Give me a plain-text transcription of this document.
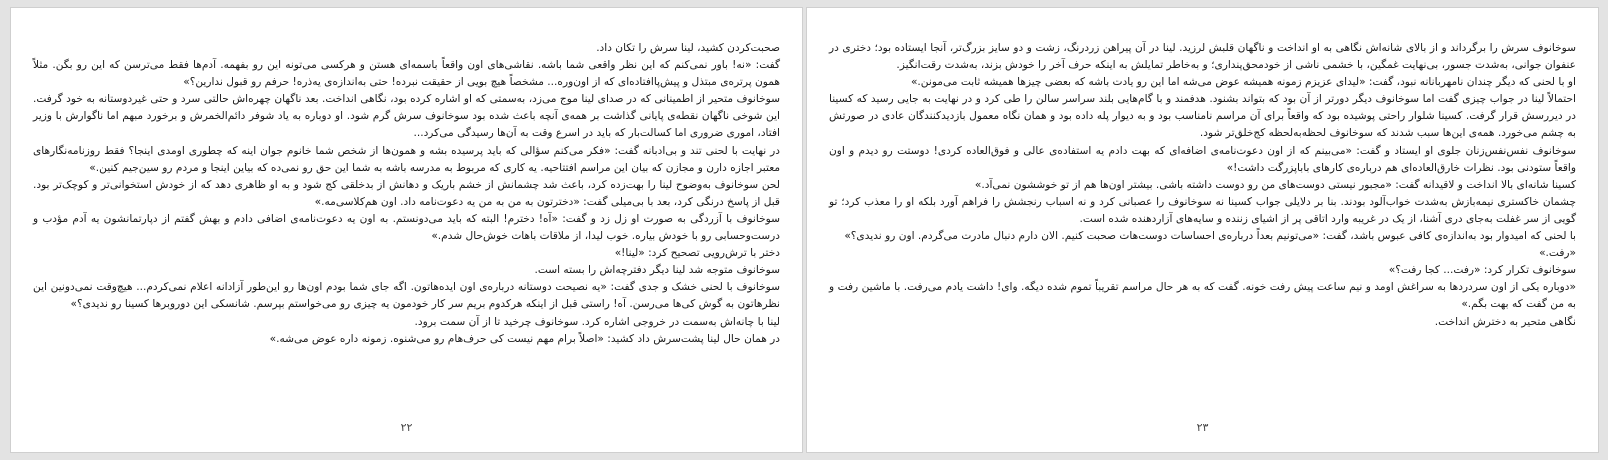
صحبت‌کردن کشید، لینا سرش را تکان داد.

گفت: «نه! باور نمی‌کنم که این نظر واقعی شما باشه. نقاشی‌های اون واقعاً باسمه‌ای هستن و هرکسی می‌تونه این رو بفهمه. آدم‌ها فقط می‌ترسن که این رو بگن. مثلاً همون پرتره‌ی مبتذل و پیش‌پاافتاده‌ای که از اون‌وره... مشخصاً هیچ بویی از حقیقت نبرده! حتی به‌اندازه‌ی یه‌ذره! حرفم رو قبول ندارین؟»

سوخانوف متحیر از اطمینانی که در صدای لینا موج می‌زد، به‌سمتی که او اشاره کرده بود، نگاهی انداخت. بعد ناگهان چهره‌اش حالتی سرد و حتی غیردوستانه به خود گرفت. این شوخی ناگهان نقطه‌ی پایانی گذاشت بر همه‌ی آنچه باعث شده بود سوخانوف سرش گرم شود. او دوباره به یاد شوفر دائم‌الخمرش و برخورد مبهم اما ناگوارش با وزیر افتاد، اموری ضروری اما کسالت‌بار که باید در اسرع وقت به آن‌ها رسیدگی می‌کرد...

در نهایت با لحنی تند و بی‌ادبانه گفت: «فکر می‌کنم سؤالی که باید پرسیده بشه و همون‌ها از شخص شما خانوم جوان اینه که چطوری اومدی اینجا؟ فقط روزنامه‌نگارهای معتبر اجازه دارن و مجازن که بیان این مراسم افتتاحیه. یه کاری که مربوط به مدرسه باشه به شما این حق رو نمی‌ده که بیاین اینجا و مردم رو سین‌جیم کنین.»

لحن سوخانوف به‌وضوح لینا را بهت‌زده کرد، باعث شد چشمانش از خشم باریک و دهانش از بدخلقی کج شود و به او ظاهری دهد که از خودش استخوانی‌تر و کوچک‌تر بود. قبل از پاسخ درنگی کرد، بعد با بی‌میلی گفت: «دخترتون به من به من یه دعوت‌نامه داد. اون هم‌کلاسی‌مه.»

سوخانوف با آزردگی به صورت او زل زد و گفت: «آه! دخترم! البته که باید می‌دونستم. به اون یه دعوت‌نامه‌ی اضافی دادم و بهش گفتم از دپارتمانشون یه آدم مؤدب و درست‌وحسابی رو با خودش بیاره. خوب لیدا، از ملاقات باهات خوش‌حال شدم.»

دختر با ترش‌رویی تصحیح کرد: «لینا!»

سوخانوف متوجه شد لینا دیگر دفترچه‌اش را بسته است.

سوخانوف با لحنی خشک و جدی گفت: «یه نصیحت دوستانه درباره‌ی اون ایده‌هاتون. اگه جای شما بودم اون‌ها رو این‌طور آزادانه اعلام نمی‌کردم... هیچ‌وقت نمی‌دونین این نظرهاتون به گوش کی‌ها می‌رسن. آه! راستی قبل از اینکه هرکدوم بریم سر کار خودمون یه چیزی رو می‌خواستم بپرسم. شانسکی این دوروبرها کسینا رو ندیدی؟»

لینا با چانه‌اش به‌سمت در خروجی اشاره کرد. سوخانوف چرخید تا از آن سمت برود.

در همان حال لینا پشت‌سرش داد کشید: «اصلاً برام مهم نیست کی حرف‌هام رو می‌شنوه. زمونه داره عوض می‌شه.»

۲۲

سوخانوف سرش را برگرداند و از بالای شانه‌اش نگاهی به او انداخت و ناگهان قلبش لرزید. لینا در آن پیراهن زردرنگ، زشت و دو سایز بزرگ‌تر، آنجا ایستاده بود؛ دختری در عنفوان جوانی، به‌شدت جسور، بی‌نهایت غمگین، با خشمی ناشی از خودمحق‌پنداری؛ و به‌خاطر تمایلش به اینکه حرف آخر را خودش بزند، به‌شدت رقت‌انگیز.

او با لحنی که دیگر چندان نامهربانانه نبود، گفت: «لیدای عزیزم زمونه همیشه عوض می‌شه اما این رو یادت باشه که بعضی چیزها همیشه ثابت می‌مونن.»

احتمالاً لینا در جواب چیزی گفت اما سوخانوف دیگر دورتر از آن بود که بتواند بشنود. هدفمند و با گام‌هایی بلند سراسر سالن را طی کرد و در نهایت به جایی رسید که کسینا در دیررسش قرار گرفت. کسینا شلوار راحتی پوشیده بود که واقعاً برای آن مراسم نامناسب بود و به دیوار پله داده بود و همان نگاه معمول بازدیدکنندگان عادی در صورتش به چشم می‌خورد. همه‌ی این‌ها سبب شدند که سوخانوف لحظه‌به‌لحظه کج‌خلق‌تر شود.

سوخانوف نفس‌نفس‌زنان جلوی او ایستاد و گفت: «می‌بینم که از اون دعوت‌نامه‌ی اضافه‌ای که بهت دادم یه استفاده‌ی عالی و فوق‌العاده کردی! دوستت رو دیدم و اون واقعاً ستودنی بود. نظرات خارق‌العاده‌ای هم درباره‌ی کارهای باباپزرگت داشت!»

کسینا شانه‌ای بالا انداخت و لاقیدانه گفت: «مجبور نیستی دوست‌های من رو دوست داشته باشی. بیشتر اون‌ها هم از تو خوششون نمی‌آد.»

چشمان خاکستری نیمه‌بازش به‌شدت خواب‌آلود بودند. بنا بر دلایلی جواب کسینا نه سوخانوف را عصبانی کرد و نه اسباب رنجشش را فراهم آورد بلکه او را معذب کرد؛ تو گویی از سر غفلت به‌جای دری آشنا، از یک در غریبه وارد اتاقی پر از اشیای زننده و سایه‌های آزاردهنده شده است.

با لحنی که امیدوار بود به‌اندازه‌ی کافی عبوس باشد، گفت: «می‌تونیم بعداً درباره‌ی احساسات دوست‌هات صحبت کنیم. الان دارم دنبال مادرت می‌گردم. اون رو ندیدی؟»

«رفت.»

سوخانوف تکرار کرد: «رفت... کجا رفت؟»

«دوباره یکی از اون سردردها به سراغش اومد و نیم ساعت پیش رفت خونه. گفت که به هر حال مراسم تقریباً تموم شده دیگه. وای! داشت یادم می‌رفت. با ماشین رفت و به من گفت که بهت بگم.»

نگاهی متحیر به دخترش انداخت.

۲۳
